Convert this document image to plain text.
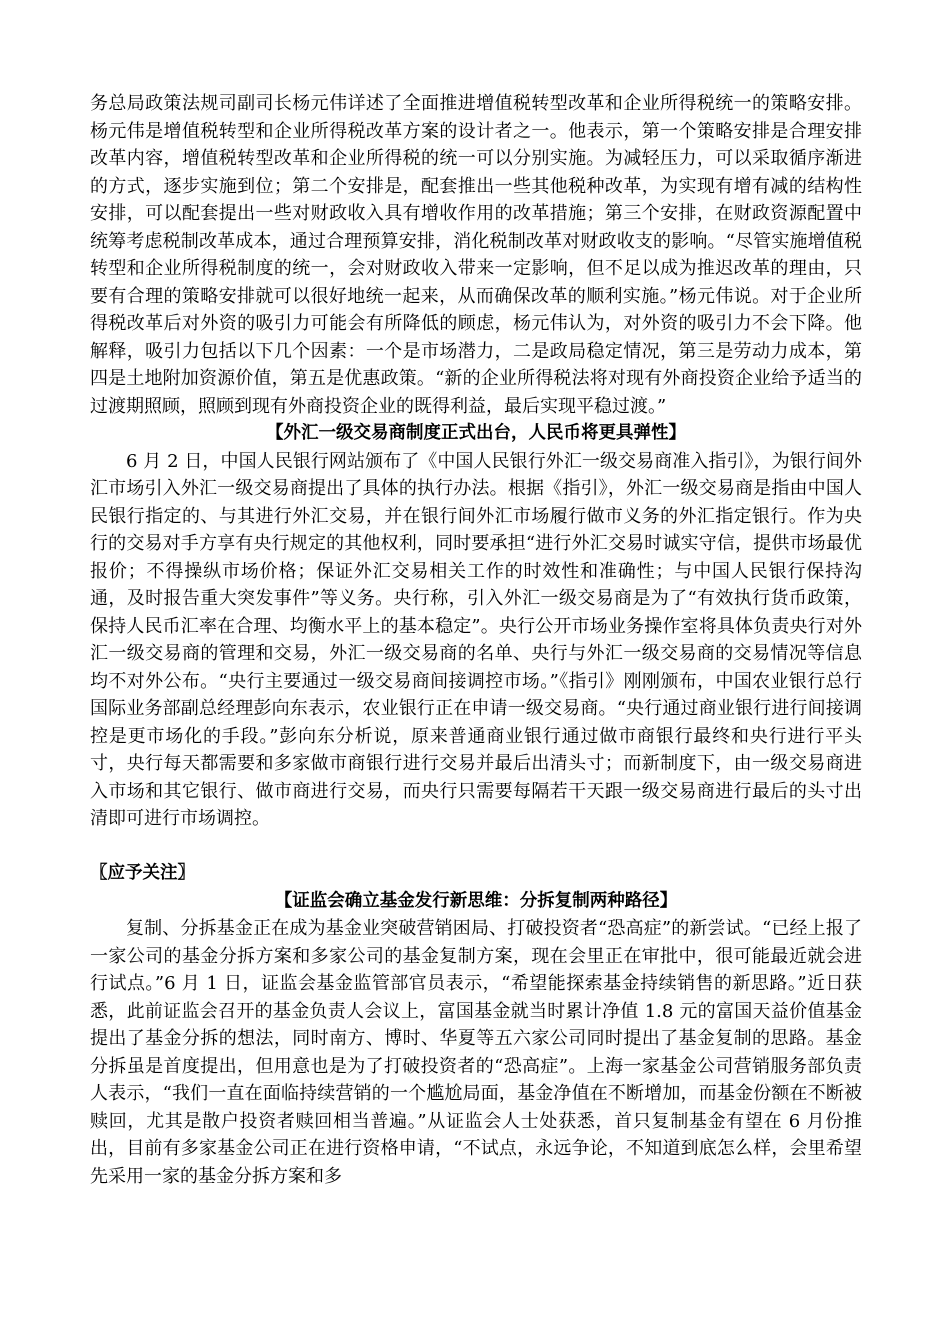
务总局政策法规司副司长杨元伟详述了全面推进增值税转型改革和企业所得税统一的策略安排。杨元伟是增值税转型和企业所得税改革方案的设计者之一。他表示，第一个策略安排是合理安排改革内容，增值税转型改革和企业所得税的统一可以分别实施。为减轻压力，可以采取循序渐进的方式，逐步实施到位；第二个安排是，配套推出一些其他税种改革，为实现有增有减的结构性安排，可以配套提出一些对财政收入具有增收作用的改革措施；第三个安排，在财政资源配置中统筹考虑税制改革成本，通过合理预算安排，消化税制改革对财政收支的影响。“尽管实施增值税转型和企业所得税制度的统一，会对财政收入带来一定影响，但不足以成为推迟改革的理由，只要有合理的策略安排就可以很好地统一起来，从而确保改革的顺利实施。”杨元伟说。对于企业所得税改革后对外资的吸引力可能会有所降低的顾虑，杨元伟认为，对外资的吸引力不会下降。他解释，吸引力包括以下几个因素：一个是市场潜力，二是政局稳定情况，第三是劳动力成本，第四是土地附加资源价值，第五是优惠政策。“新的企业所得税法将对现有外商投资企业给予适当的过渡期照顾，照顾到现有外商投资企业的既得利益，最后实现平稳过渡。”

【外汇一级交易商制度正式出台，人民币将更具弹性】

6 月 2 日，中国人民银行网站颁布了《中国人民银行外汇一级交易商准入指引》，为银行间外汇市场引入外汇一级交易商提出了具体的执行办法。根据《指引》，外汇一级交易商是指由中国人民银行指定的、与其进行外汇交易，并在银行间外汇市场履行做市义务的外汇指定银行。作为央行的交易对手方享有央行规定的其他权利，同时要承担“进行外汇交易时诚实守信，提供市场最优报价；不得操纵市场价格；保证外汇交易相关工作的时效性和准确性；与中国人民银行保持沟通，及时报告重大突发事件”等义务。央行称，引入外汇一级交易商是为了“有效执行货币政策，保持人民币汇率在合理、均衡水平上的基本稳定”。央行公开市场业务操作室将具体负责央行对外汇一级交易商的管理和交易，外汇一级交易商的名单、央行与外汇一级交易商的交易情况等信息均不对外公布。“央行主要通过一级交易商间接调控市场。”《指引》刚刚颁布，中国农业银行总行国际业务部副总经理彭向东表示，农业银行正在申请一级交易商。“央行通过商业银行进行间接调控是更市场化的手段。”彭向东分析说，原来普通商业银行通过做市商银行最终和央行进行平头寸，央行每天都需要和多家做市商银行进行交易并最后出清头寸；而新制度下，由一级交易商进入市场和其它银行、做市商进行交易，而央行只需要每隔若干天跟一级交易商进行最后的头寸出清即可进行市场调控。

〖应予关注〗

【证监会确立基金发行新思维：分拆复制两种路径】

复制、分拆基金正在成为基金业突破营销困局、打破投资者“恐高症”的新尝试。“已经上报了一家公司的基金分拆方案和多家公司的基金复制方案，现在会里正在审批中，很可能最近就会进行试点。”6 月 1 日，证监会基金监管部官员表示，“希望能探索基金持续销售的新思路。”近日获悉，此前证监会召开的基金负责人会议上，富国基金就当时累计净值 1.8 元的富国天益价值基金提出了基金分拆的想法，同时南方、博时、华夏等五六家公司同时提出了基金复制的思路。基金分拆虽是首度提出，但用意也是为了打破投资者的“恐高症”。上海一家基金公司营销服务部负责人表示，“我们一直在面临持续营销的一个尴尬局面，基金净值在不断增加，而基金份额在不断被赎回，尤其是散户投资者赎回相当普遍。”从证监会人士处获悉，首只复制基金有望在 6 月份推出，目前有多家基金公司正在进行资格申请，“不试点，永远争论，不知道到底怎么样，会里希望先采用一家的基金分拆方案和多
